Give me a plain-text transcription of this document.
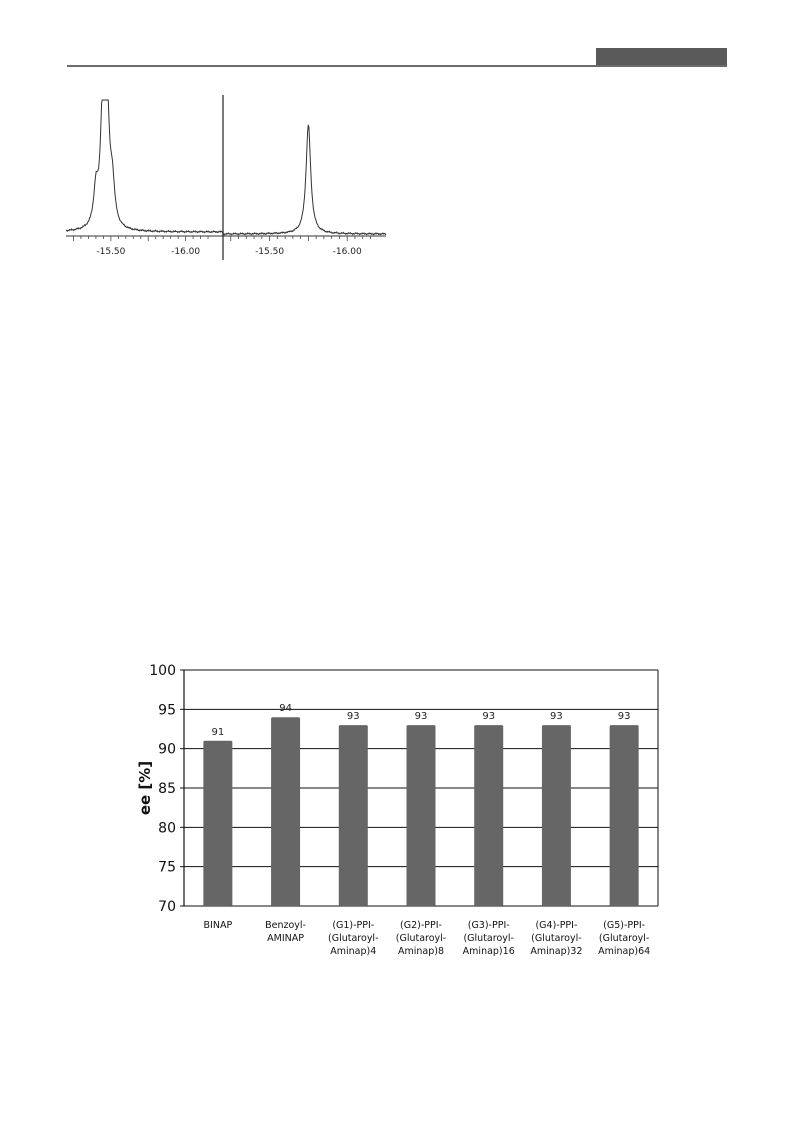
-15.50	-16.00	-15.50	-16.00
70
75
80
85
90
95
100
ee [%]
91
BINAP
94
Benzoyl-
AMINAP
93
(G1)-PPI-
(Glutaroyl-
Aminap)4
93
(G2)-PPI-
(Glutaroyl-
Aminap)8
93
(G3)-PPI-
(Glutaroyl-
Aminap)16
93
(G4)-PPI-
(Glutaroyl-
Aminap)32
93
(G5)-PPI-
(Glutaroyl-
Aminap)64
